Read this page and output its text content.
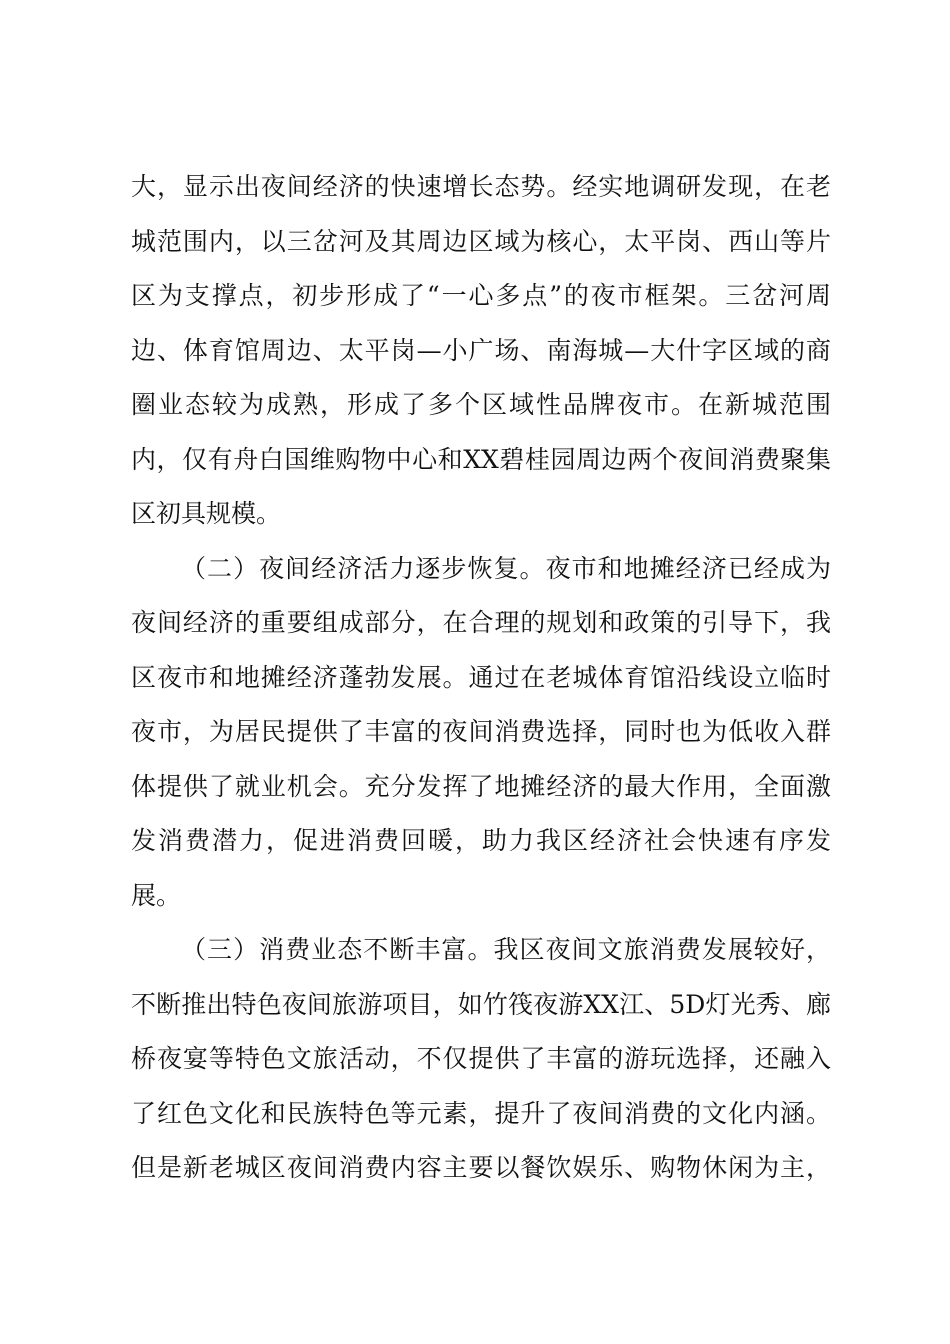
大，显示出夜间经济的快速增长态势。经实地调研发现，在老
城范围内，以三岔河及其周边区域为核心，太平岗、西山等片
区为支撑点，初步形成了“一心多点”的夜市框架。三岔河周
边、体育馆周边、太平岗—小广场、南海城—大什字区域的商
圈业态较为成熟，形成了多个区域性品牌夜市。在新城范围
内，仅有舟白国维购物中心和XX碧桂园周边两个夜间消费聚集
区初具规模。
（二）夜间经济活力逐步恢复。夜市和地摊经济已经成为
夜间经济的重要组成部分，在合理的规划和政策的引导下，我
区夜市和地摊经济蓬勃发展。通过在老城体育馆沿线设立临时
夜市，为居民提供了丰富的夜间消费选择，同时也为低收入群
体提供了就业机会。充分发挥了地摊经济的最大作用，全面激
发消费潜力，促进消费回暖，助力我区经济社会快速有序发
展。
（三）消费业态不断丰富。我区夜间文旅消费发展较好，
不断推出特色夜间旅游项目，如竹筏夜游XX江、5D灯光秀、廊
桥夜宴等特色文旅活动，不仅提供了丰富的游玩选择，还融入
了红色文化和民族特色等元素，提升了夜间消费的文化内涵。
但是新老城区夜间消费内容主要以餐饮娱乐、购物休闲为主，
